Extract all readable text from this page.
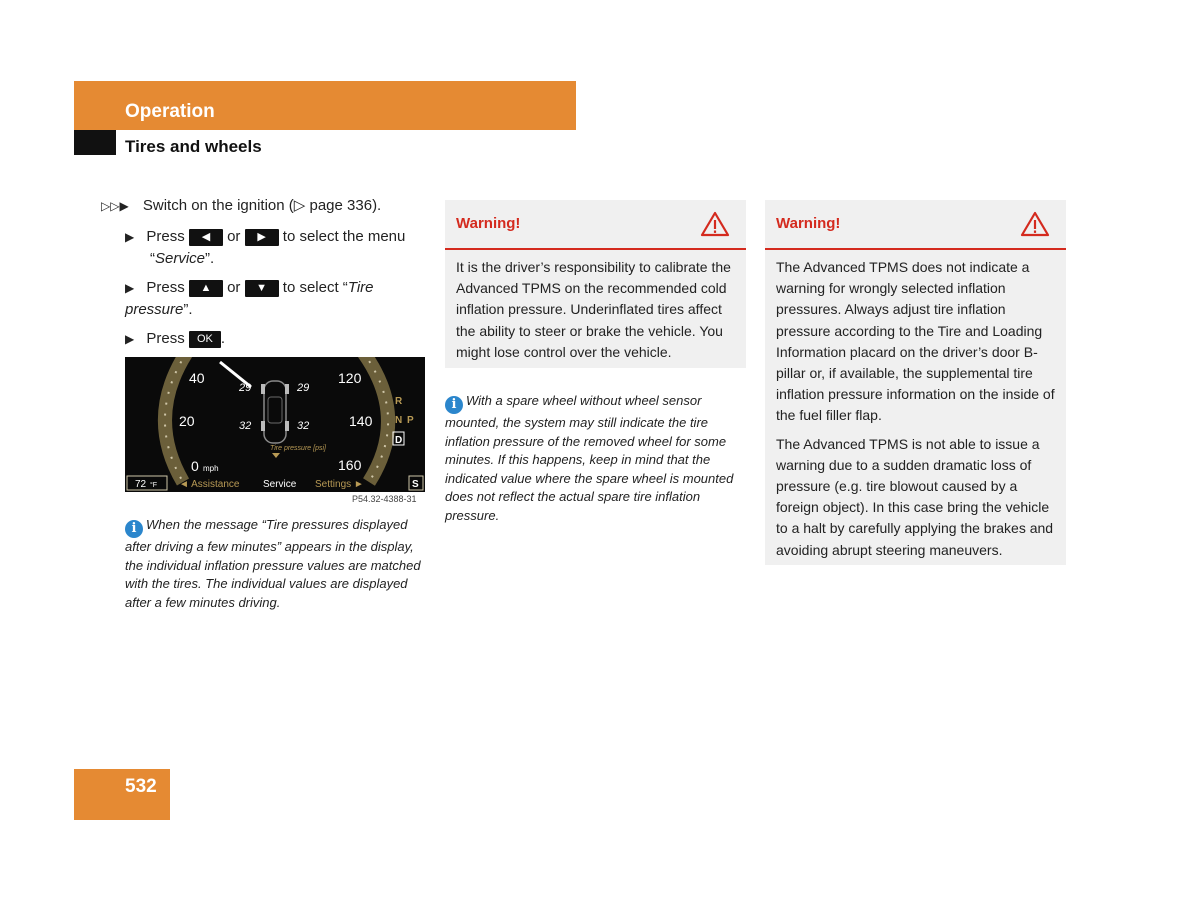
Operation
Tires and wheels
▷▷▶ Switch on the ignition (▷ page 336).
▶ Press ◀ or ▶ to select the menu
“Service”.
▶ Press ▲ or ▼ to select “Tire pressure”.
▶ Press OK .
40
20
0 mph
120
140
160
29	29
32	32
Tire pressure [psi]
R
N P
D
72 °F ◄ Assistance Service Settings ►	S
P54.32-4388-31
i When the message “Tire pressures displayed after driving a few minutes” appears in the display, the individual inflation pressure values are matched with the tires. The individual values are displayed after a few minutes driving.
Warning!

It is the driver’s responsibility to calibrate the Advanced TPMS on the recommended cold inflation pressure. Underinflated tires affect the ability to steer or brake the vehicle. You might lose control over the vehicle.

i With a spare wheel without wheel sensor mounted, the system may still indicate the tire inflation pressure of the removed wheel for some minutes. If this happens, keep in mind that the indicated value where the spare wheel is mounted does not reflect the actual spare tire inflation pressure.
Warning!

The Advanced TPMS does not indicate a warning for wrongly selected inflation pressures. Always adjust tire inflation pressure according to the Tire and Loading Information placard on the driver’s door B-pillar or, if available, the supplemental tire inflation pressure information on the inside of the fuel filler flap.

The Advanced TPMS is not able to issue a warning due to a sudden dramatic loss of pressure (e.g. tire blowout caused by a foreign object). In this case bring the vehicle to a halt by carefully applying the brakes and avoiding abrupt steering maneuvers.

532
